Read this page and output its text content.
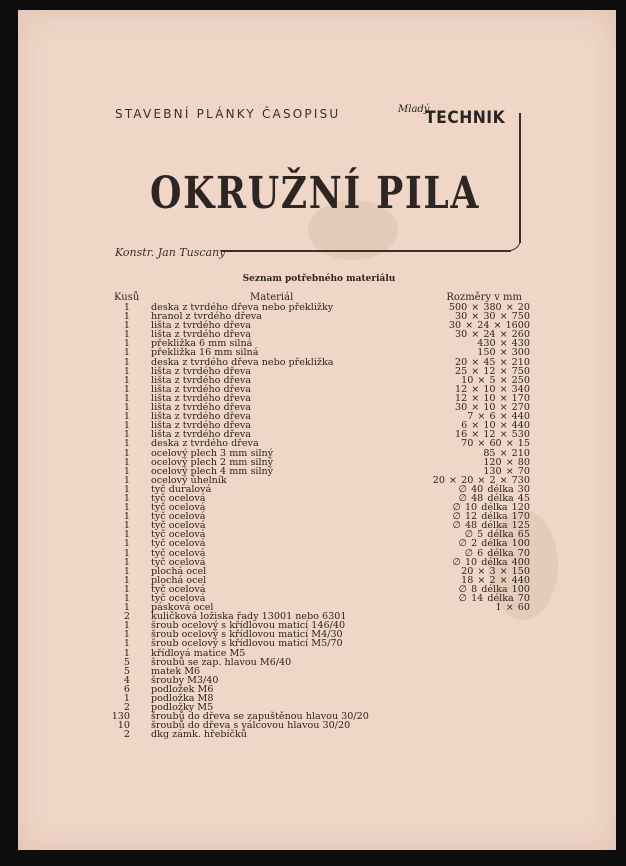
STAVEBNÍ PLÁNKY ČASOPISU	Mladý
TECHNIK
OKRUŽNÍ PILA
Konstr. Jan Tuscany
Seznam potřebného materiálu
Kusů	Materiál	Rozměry v mm
1 deska z tvrdého dřeva nebo překližky	500 × 380 × 20
1 hranol z tvrdého dřeva	30 × 30 × 750
1 lišta z tvrdého dřeva	30 × 24 × 1600
1 lišta z tvrdého dřeva	30 × 24 × 260
1 překližka 6 mm silná	430 × 430
1 překližka 16 mm silná	150 × 300
1 deska z tvrdého dřeva nebo překližka	20 × 45 × 210
1 lišta z tvrdého dřeva	25 × 12 × 750
1 lišta z tvrdého dřeva	10 × 5 × 250
1 lišta z tvrdého dřeva	12 × 10 × 340
1 lišta z tvrdého dřeva	12 × 10 × 170
1 lišta z tvrdého dřeva	30 × 10 × 270
1 lišta z tvrdého dřeva	7 × 6 × 440
1 lišta z tvrdého dřeva	6 × 10 × 440
1 lišta z tvrdého dřeva	16 × 12 × 530
1 deska z tvrdého dřeva	70 × 60 × 15
1 ocelový plech 3 mm silný	85 × 210
1 ocelový plech 2 mm silný	120 × 80
1 ocelový plech 4 mm silný	130 × 70
1 ocelový úhelník	20 × 20 × 2 × 730
1 tyč duralová	∅ 40 délka 30
1 tyč ocelová	∅ 48 délka 45
1 tyč ocelová	∅ 10 délka 120
1 tyč ocelová	∅ 12 délka 170
1 tyč ocelová	∅ 48 délka 125
1 tyč ocelová	∅ 5 délka 65
1 tyč ocelová	∅ 2 délka 100
1 tyč ocelová	∅ 6 délka 70
1 tyč ocelová	∅ 10 délka 400
1 plochá ocel	20 × 3 × 150
1 plochá ocel	18 × 2 × 440
1 tyč ocelová	∅ 8 délka 100
1 tyč ocelová	∅ 14 délka 70
1 pásková ocel	1 × 60
2 kuličková ložiska řady 13001 nebo 6301
1 šroub ocelový s křídlovou maticí 146/40
1 šroub ocelový s křídlovou maticí M4/30
1 šroub ocelový s křídlovou maticí M5/70
1 křídlová matice M5
5 šroubů se zap. hlavou M6/40
5 matek M6
4 šrouby M3/40
6 podložek M6
1 podložka M8
2 podložky M5
130 šroubů do dřeva se zapuštěnou hlavou 30/20
10 šroubů do dřeva s válcovou hlavou 30/20
2 dkg zámk. hřebíčků
